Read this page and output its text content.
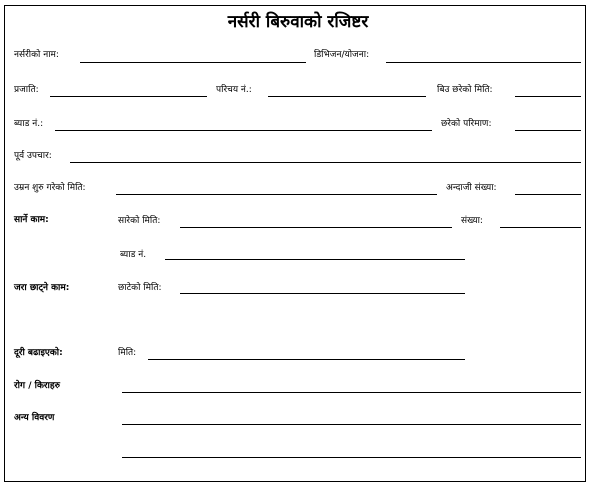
नर्सरी बिरुवाको रजिष्टर
नर्सरीको नाम:	डिभिजन/योजना:
प्रजाति:	परिचय नं.:	बिउ छरेको मिति:
ब्याड नं.:	छरेको परिमाण:
पूर्व उपचार:
उम्रन शुरु गरेको मिति:	अन्दाजी संख्या:
सार्ने काम:	सारेको मिति:	संख्या:
ब्याड नं.
जरा छाट्ने काम:	छाटेको मिति:
दूरी बढाइएको:	मिति:
रोग / किराहरु
अन्य विवरण
